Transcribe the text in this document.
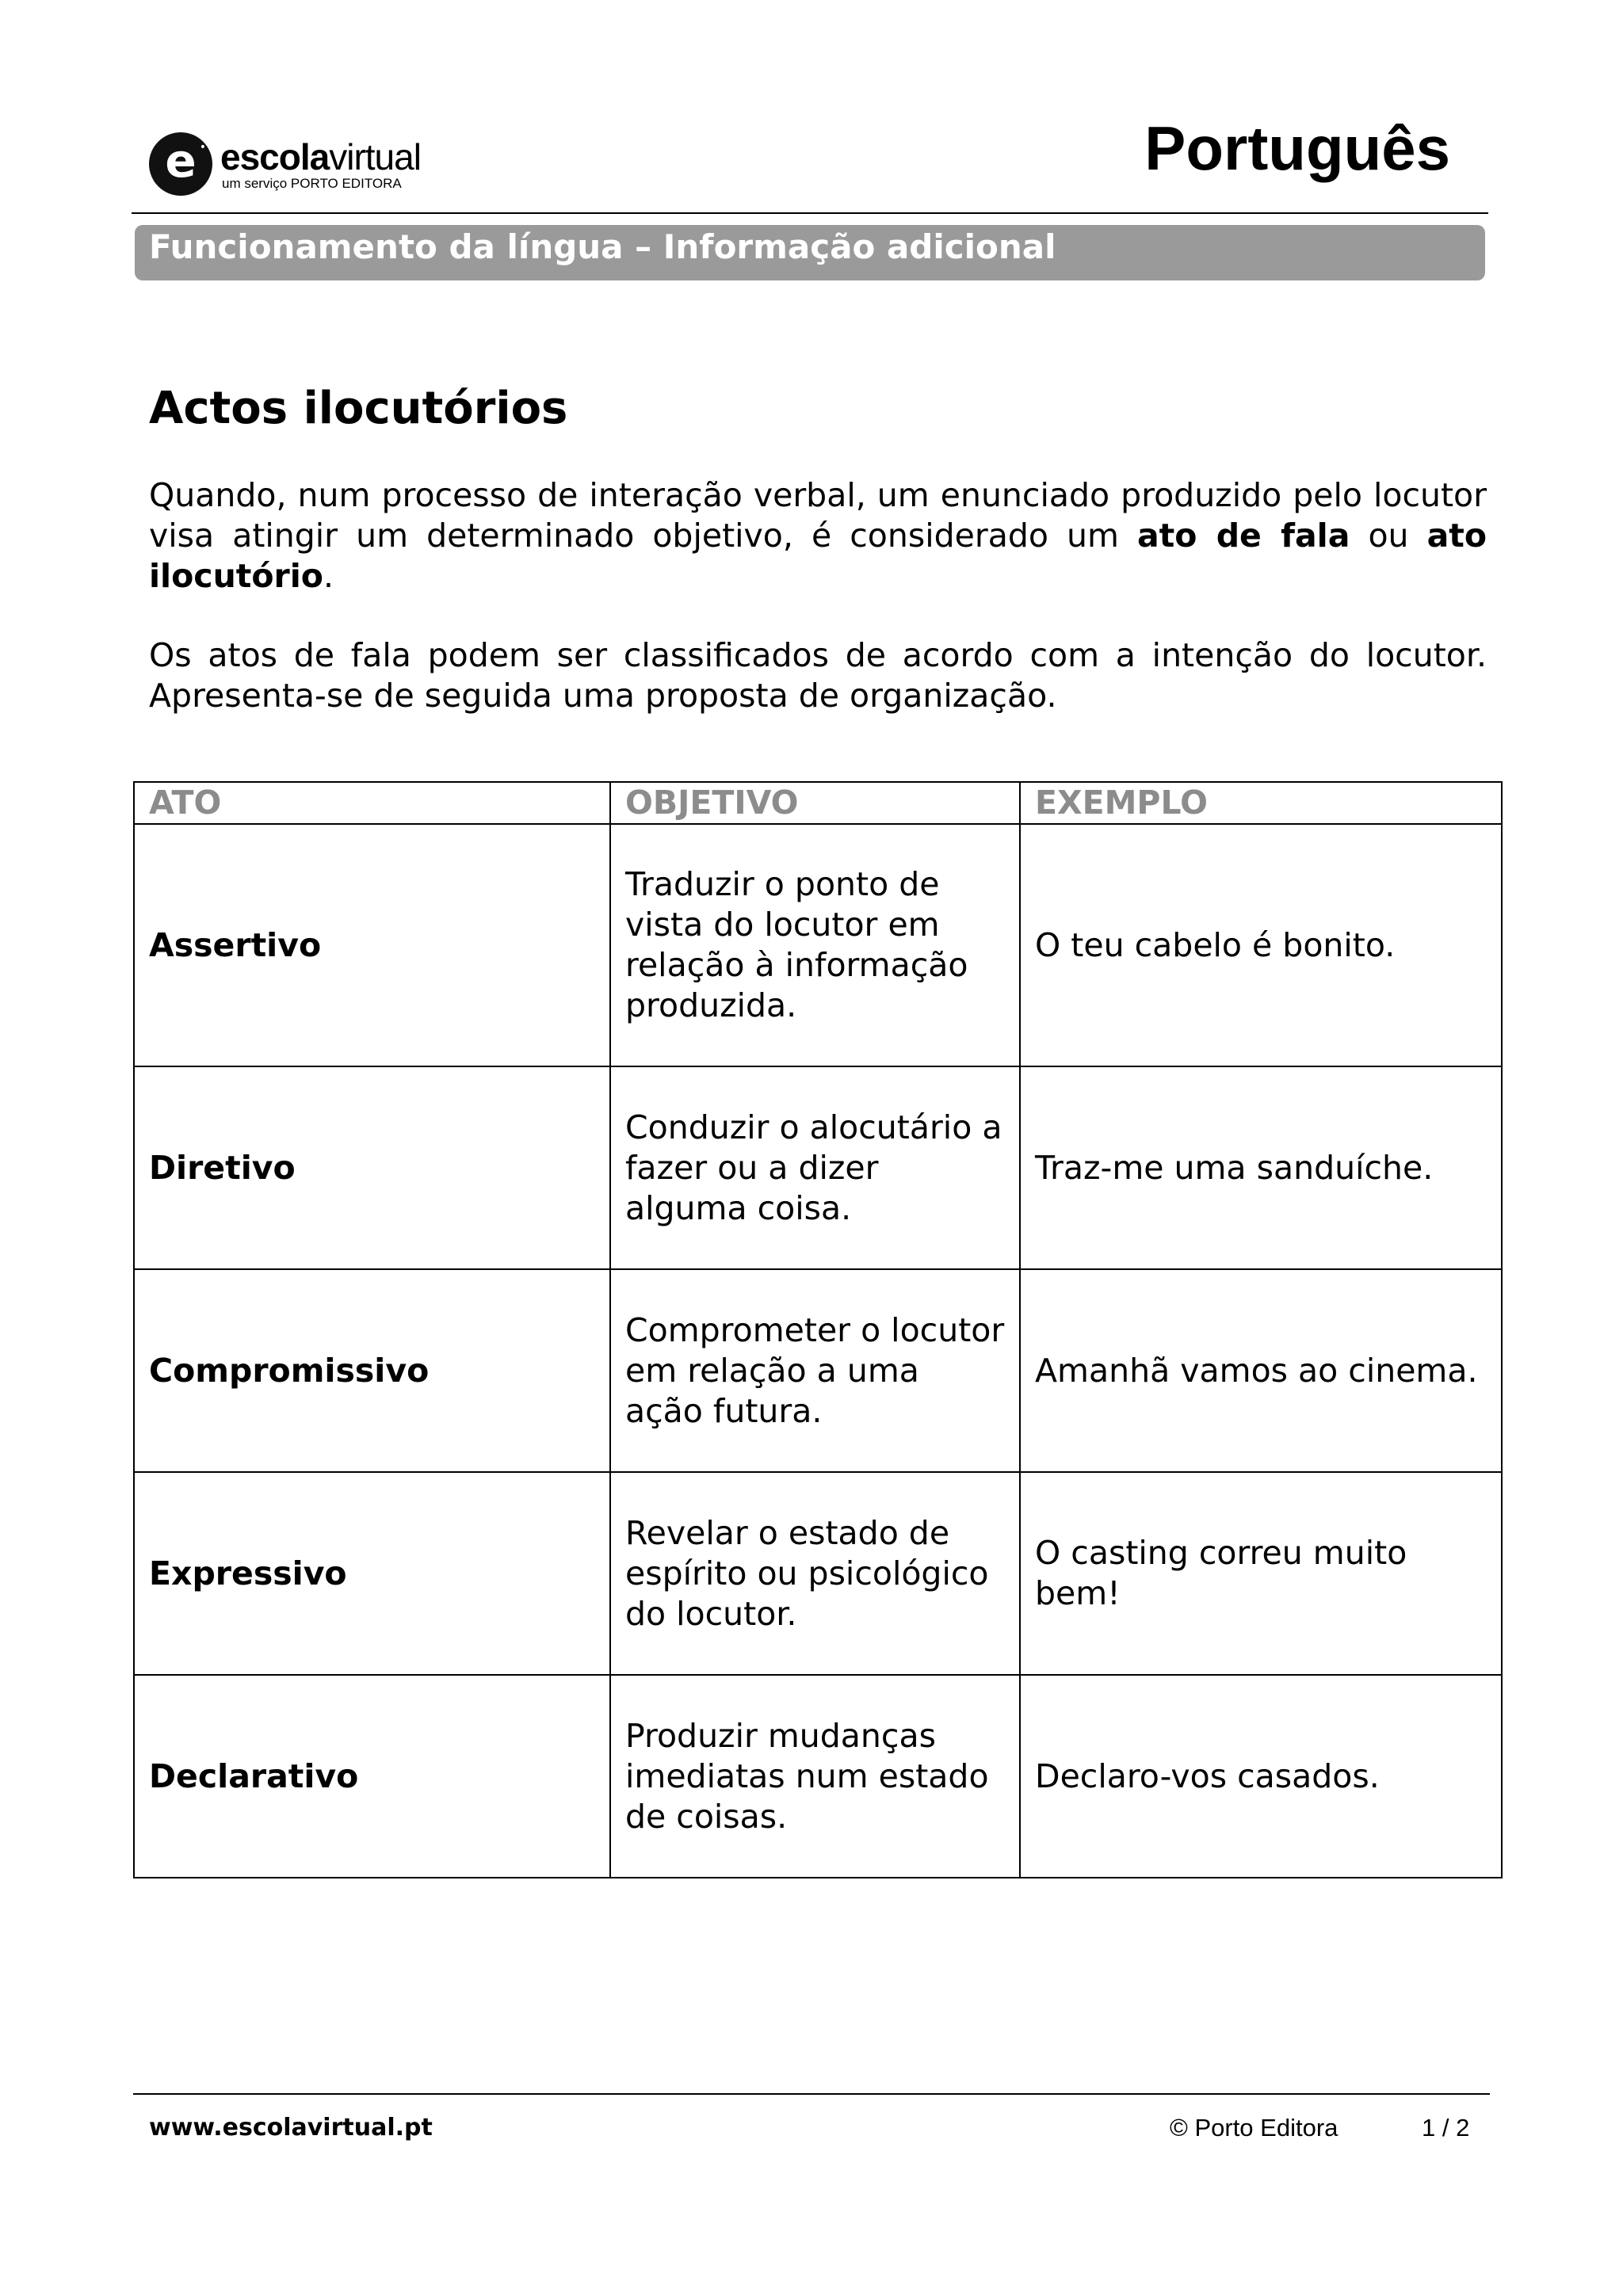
e • escolavirtual
um serviço PORTO EDITORA	Português
Funcionamento da língua – Informação adicional
Actos ilocutórios
Quando, num processo de interação verbal, um enunciado produzido pelo locutor visa atingir um determinado objetivo, é considerado um ato de fala ou ato ilocutório.
Os atos de fala podem ser classificados de acordo com a intenção do locutor. Apresenta-se de seguida uma proposta de organização.
ATO	OBJETIVO	EXEMPLO
Assertivo	Traduzir o ponto de vista do locutor em relação à informação produzida.	O teu cabelo é bonito.
Diretivo	Conduzir o alocutário a fazer ou a dizer alguma coisa.	Traz-me uma sanduíche.
Compromissivo	Comprometer o locutor em relação a uma ação futura.	Amanhã vamos ao cinema.
Expressivo	Revelar o estado de espírito ou psicológico do locutor.	O casting correu muito bem!
Declarativo	Produzir mudanças imediatas num estado de coisas.	Declaro-vos casados.
www.escolavirtual.pt	© Porto Editora	1 / 2
